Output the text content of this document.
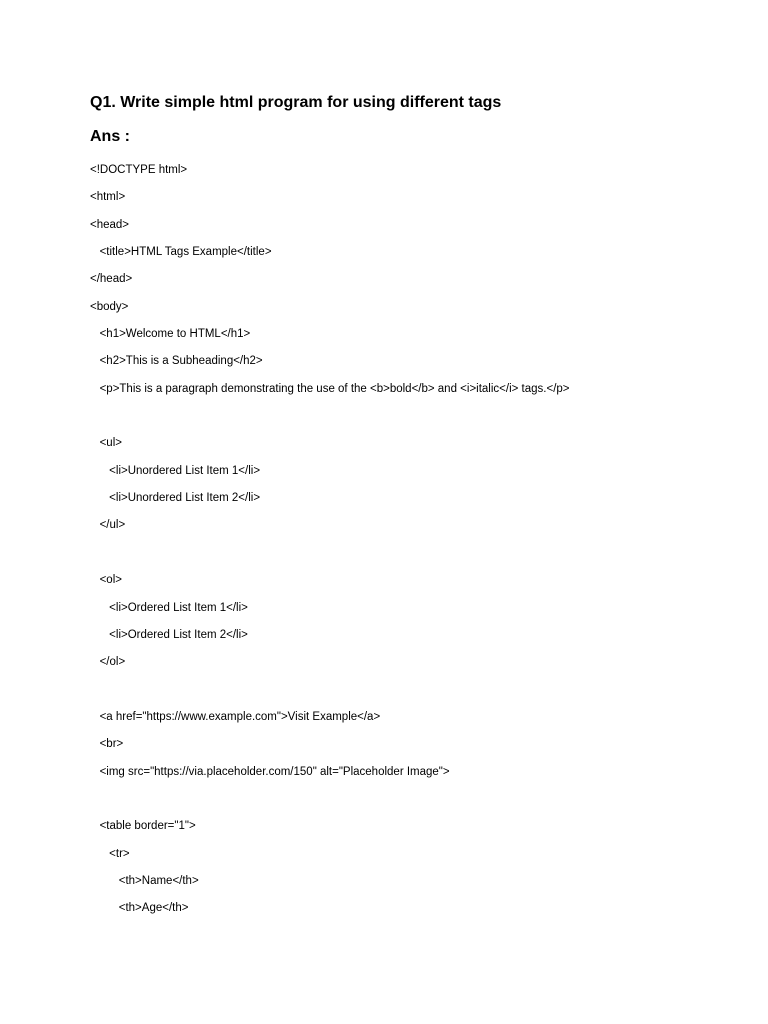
Q1. Write simple html program for using different tags
Ans :
<!DOCTYPE html>
<html>
<head>
<title>HTML Tags Example</title>
</head>
<body>
<h1>Welcome to HTML</h1>
<h2>This is a Subheading</h2>
<p>This is a paragraph demonstrating the use of the <b>bold</b> and <i>italic</i> tags.</p>
<ul>
<li>Unordered List Item 1</li>
<li>Unordered List Item 2</li>
</ul>
<ol>
<li>Ordered List Item 1</li>
<li>Ordered List Item 2</li>
</ol>
<a href="https://www.example.com">Visit Example</a>
<br>
<img src="https://via.placeholder.com/150" alt="Placeholder Image">
<table border="1">
<tr>
<th>Name</th>
<th>Age</th>
